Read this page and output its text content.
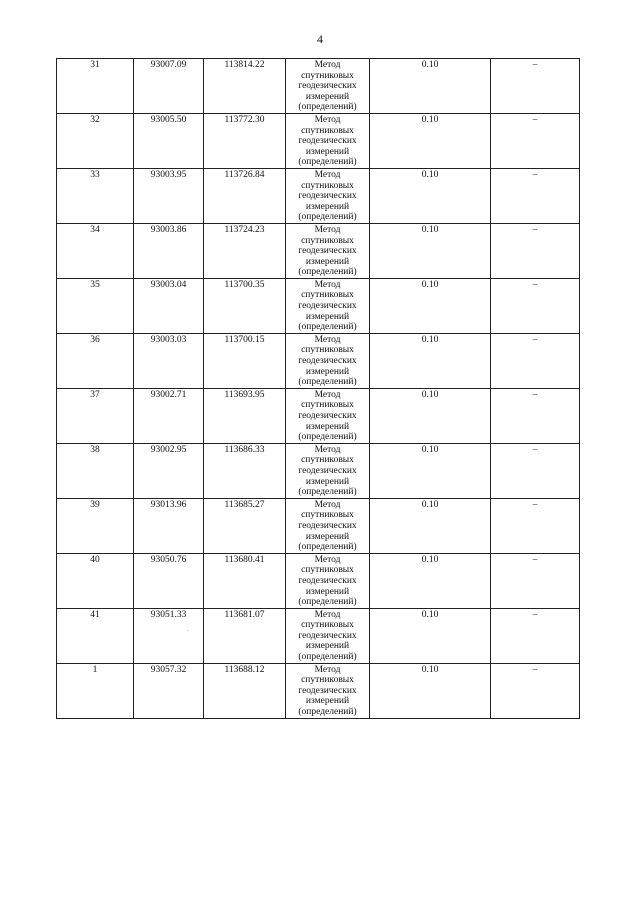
4
31	93007.09	113814.22	Метод спутниковых геодезических измерений (определений)	0.10	–
32	93005.50	113772.30	Метод спутниковых геодезических измерений (определений)	0.10	–
33	93003.95	113726.84	Метод спутниковых геодезических измерений (определений)	0.10	–
34	93003.86	113724.23	Метод спутниковых геодезических измерений (определений)	0.10	–
35	93003.04	113700.35	Метод спутниковых геодезических измерений (определений)	0.10	–
36	93003.03	113700.15	Метод спутниковых геодезических измерений (определений)	0.10	–
37	93002.71	113693.95	Метод спутниковых геодезических измерений (определений)	0.10	–
38	93002.95	113686.33	Метод спутниковых геодезических измерений (определений)	0.10	–
39	93013.96	113685.27	Метод спутниковых геодезических измерений (определений)	0.10	–
40	93050.76	113680.41	Метод спутниковых геодезических измерений (определений)	0.10	–
41	93051.33	113681.07	Метод спутниковых геодезических измерений (определений)	0.10	–
1	93057.32	113688.12	Метод спутниковых геодезических измерений (определений)	0.10	–
